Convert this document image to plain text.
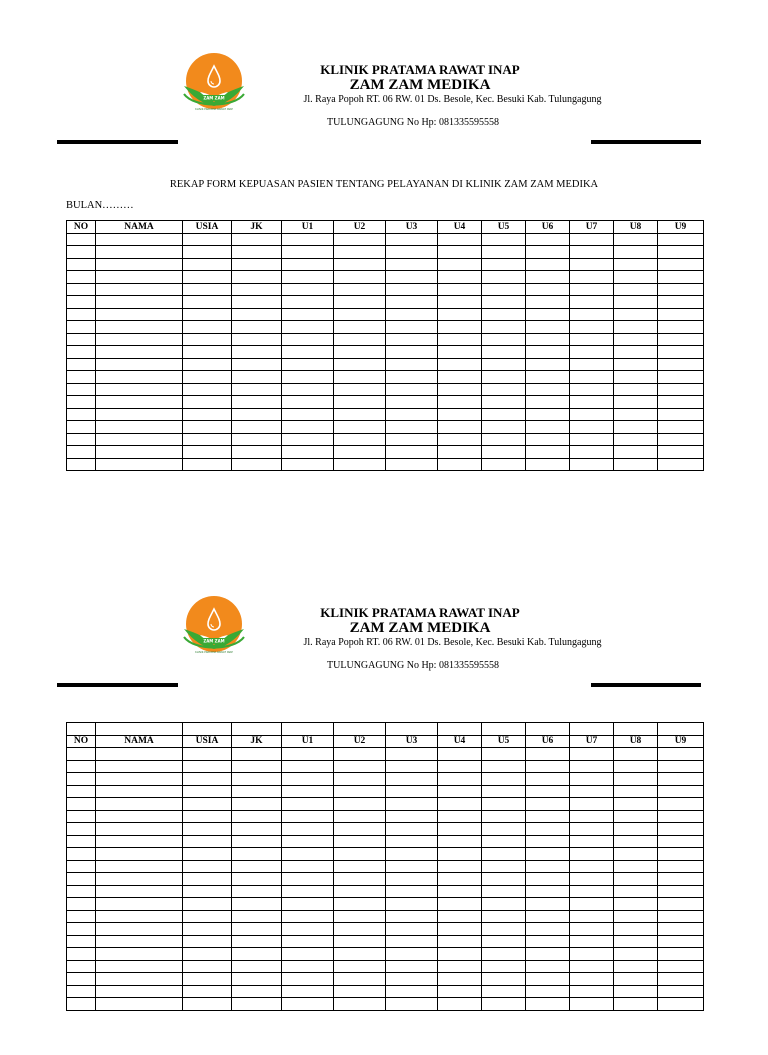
ZAM ZAM
KLINIK PRATAMA RAWAT INAP
KLINIK PRATAMA RAWAT INAP
ZAM ZAM MEDIKA
Jl. Raya Popoh RT. 06 RW. 01 Ds. Besole, Kec. Besuki Kab. Tulungagung
TULUNGAGUNG No Hp: 081335595558
REKAP FORM KEPUASAN PASIEN TENTANG PELAYANAN DI KLINIK ZAM ZAM MEDIKA
BULAN………
NO	NAMA	USIA	JK	U1	U2	U3	U4	U5	U6	U7	U8	U9

ZAM ZAM
KLINIK PRATAMA RAWAT INAP
KLINIK PRATAMA RAWAT INAP
ZAM ZAM MEDIKA
Jl. Raya Popoh RT. 06 RW. 01 Ds. Besole, Kec. Besuki Kab. Tulungagung
TULUNGAGUNG No Hp: 081335595558

NO	NAMA	USIA	JK	U1	U2	U3	U4	U5	U6	U7	U8	U9
